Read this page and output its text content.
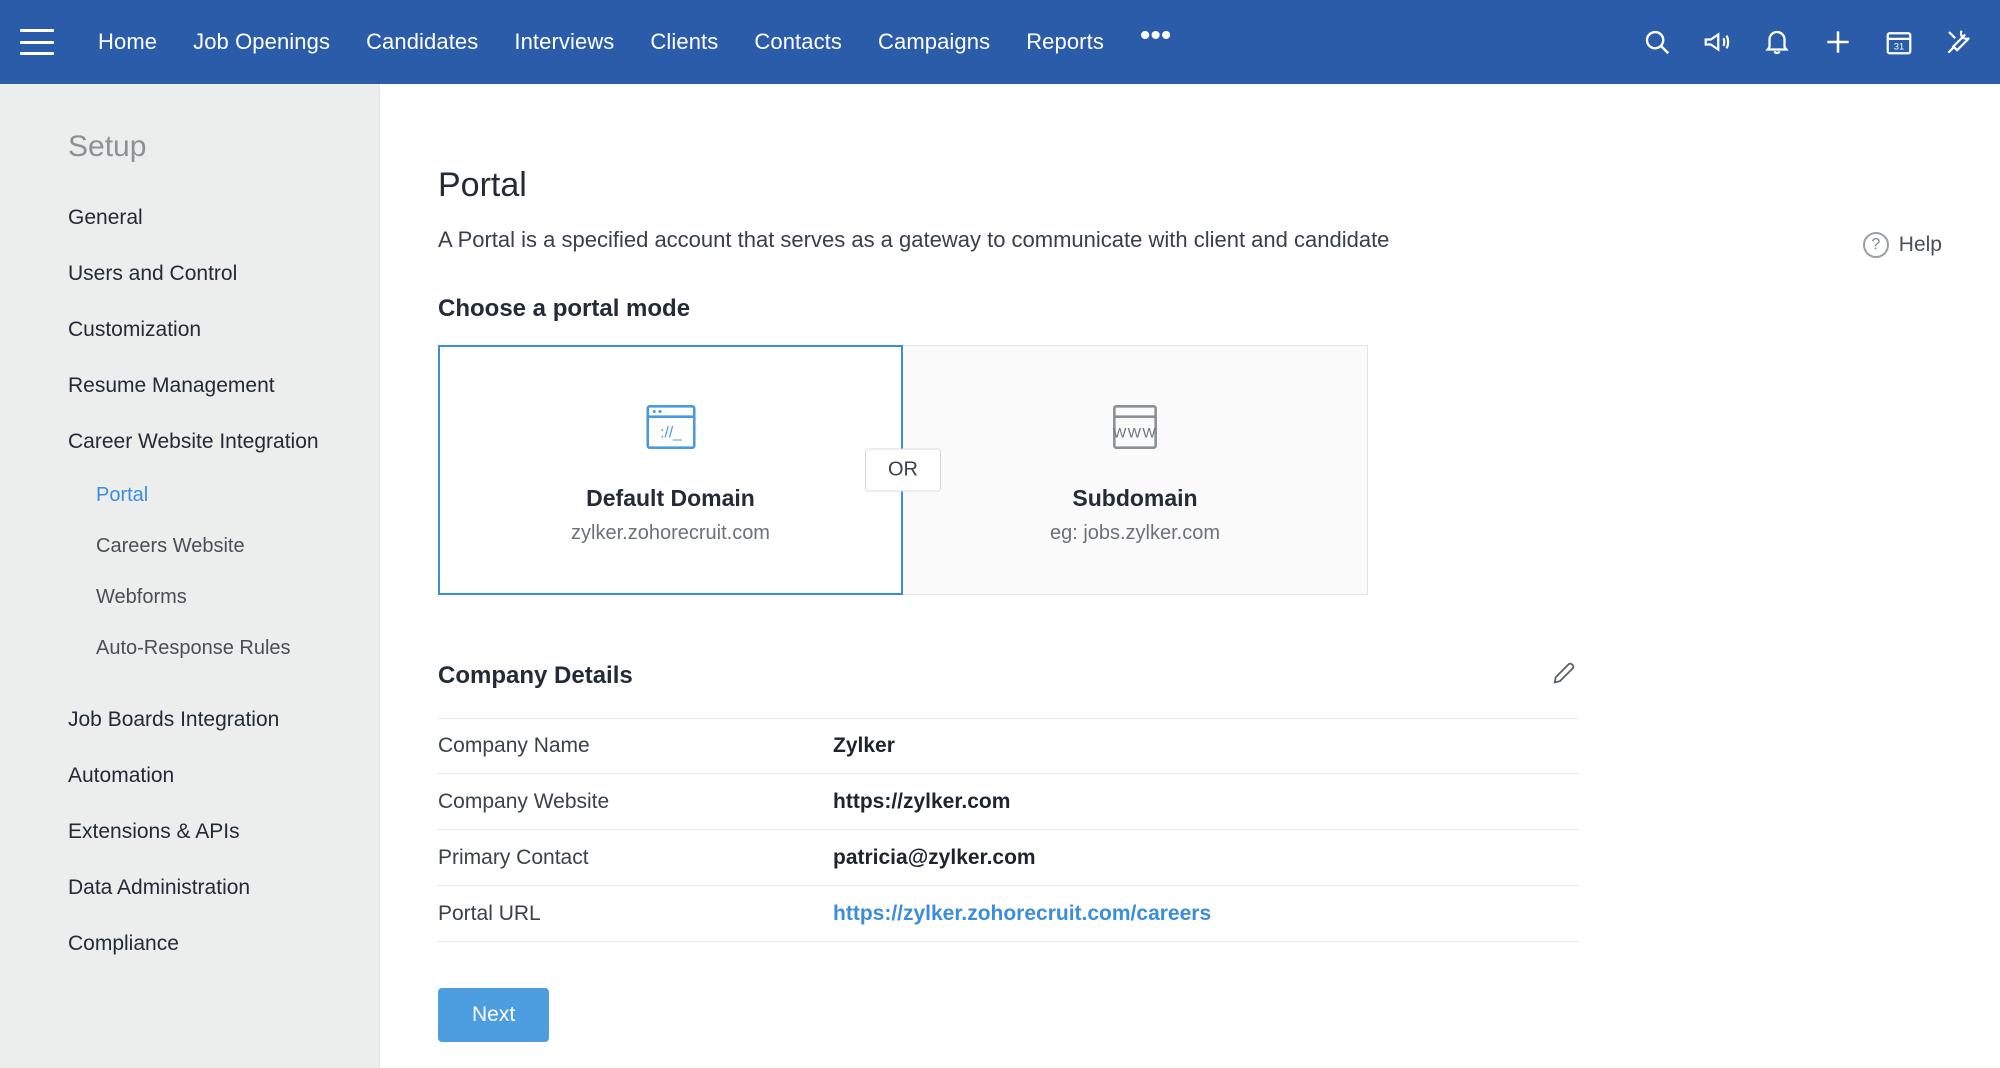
Home	Job Openings	Candidates	Interviews	Clients	Contacts	Campaigns	Reports	•••	31
Setup
General
Users and Control
Customization
Resume Management
Career Website Integration
Portal
Careers Website
Webforms
Auto-Response Rules
Job Boards Integration
Automation
Extensions & APIs
Data Administration
Compliance
? Help
Portal
A Portal is a specified account that serves as a gateway to communicate with client and candidate
Choose a portal mode
://_
Default Domain
zylker.zohorecruit.com
WWW
Subdomain
eg: jobs.zylker.com
OR
Company Details
Company Name	Zylker
Company Website	https://zylker.com
Primary Contact	patricia@zylker.com
Portal URL	https://zylker.zohorecruit.com/careers
Next
